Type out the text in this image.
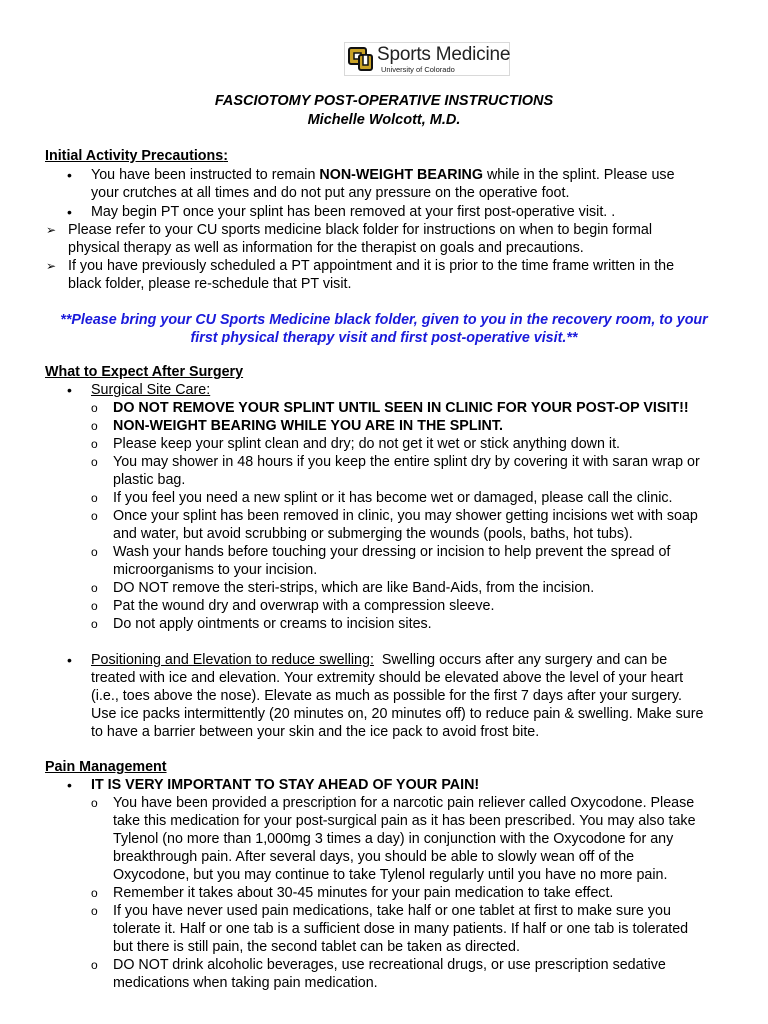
Sports Medicine
University of Colorado
FASCIOTOMY POST-OPERATIVE INSTRUCTIONS
Michelle Wolcott, M.D.
Initial Activity Precautions:
• You have been instructed to remain NON-WEIGHT BEARING while in the splint. Please use
your crutches at all times and do not put any pressure on the operative foot.
• May begin PT once your splint has been removed at your first post-operative visit. .
➢ Please refer to your CU sports medicine black folder for instructions on when to begin formal
physical therapy as well as information for the therapist on goals and precautions.
➢ If you have previously scheduled a PT appointment and it is prior to the time frame written in the
black folder, please re-schedule that PT visit.
**Please bring your CU Sports Medicine black folder, given to you in the recovery room, to your
first physical therapy visit and first post-operative visit.**
What to Expect After Surgery
• Surgical Site Care:
o DO NOT REMOVE YOUR SPLINT UNTIL SEEN IN CLINIC FOR YOUR POST-OP VISIT!!
o NON-WEIGHT BEARING WHILE YOU ARE IN THE SPLINT.
o Please keep your splint clean and dry; do not get it wet or stick anything down it.
o You may shower in 48 hours if you keep the entire splint dry by covering it with saran wrap or
plastic bag.
o If you feel you need a new splint or it has become wet or damaged, please call the clinic.
o Once your splint has been removed in clinic, you may shower getting incisions wet with soap
and water, but avoid scrubbing or submerging the wounds (pools, baths, hot tubs).
o Wash your hands before touching your dressing or incision to help prevent the spread of
microorganisms to your incision.
o DO NOT remove the steri-strips, which are like Band-Aids, from the incision.
o Pat the wound dry and overwrap with a compression sleeve.
o Do not apply ointments or creams to incision sites.
• Positioning and Elevation to reduce swelling:  Swelling occurs after any surgery and can be
treated with ice and elevation. Your extremity should be elevated above the level of your heart
(i.e., toes above the nose). Elevate as much as possible for the first 7 days after your surgery.
Use ice packs intermittently (20 minutes on, 20 minutes off) to reduce pain & swelling. Make sure
to have a barrier between your skin and the ice pack to avoid frost bite.
Pain Management
• IT IS VERY IMPORTANT TO STAY AHEAD OF YOUR PAIN!
o You have been provided a prescription for a narcotic pain reliever called Oxycodone. Please
take this medication for your post-surgical pain as it has been prescribed. You may also take
Tylenol (no more than 1,000mg 3 times a day) in conjunction with the Oxycodone for any
breakthrough pain. After several days, you should be able to slowly wean off of the
Oxycodone, but you may continue to take Tylenol regularly until you have no more pain.
o Remember it takes about 30-45 minutes for your pain medication to take effect.
o If you have never used pain medications, take half or one tablet at first to make sure you
tolerate it. Half or one tab is a sufficient dose in many patients. If half or one tab is tolerated
but there is still pain, the second tablet can be taken as directed.
o DO NOT drink alcoholic beverages, use recreational drugs, or use prescription sedative
medications when taking pain medication.
